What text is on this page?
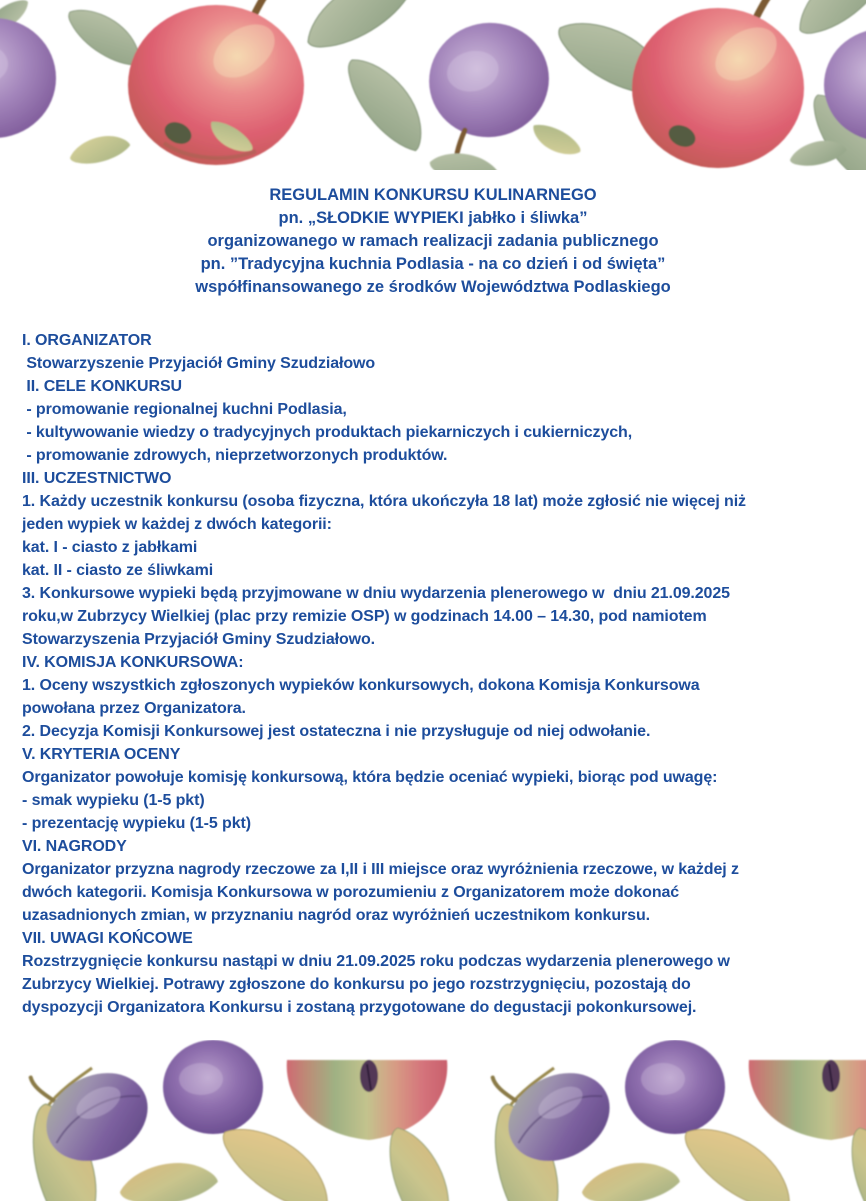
REGULAMIN KONKURSU KULINARNEGO
pn. „SŁODKIE WYPIEKI jabłko i śliwka”
organizowanego w ramach realizacji zadania publicznego
pn. ”Tradycyjna kuchnia Podlasia - na co dzień i od święta”
współfinansowanego ze środków Województwa Podlaskiego
I. ORGANIZATOR
Stowarzyszenie Przyjaciół Gminy Szudziałowo
II. CELE KONKURSU
- promowanie regionalnej kuchni Podlasia,
- kultywowanie wiedzy o tradycyjnych produktach piekarniczych i cukierniczych,
- promowanie zdrowych, nieprzetworzonych produktów.
III. UCZESTNICTWO
1. Każdy uczestnik konkursu (osoba fizyczna, która ukończyła 18 lat) może zgłosić nie więcej niż
jeden wypiek w każdej z dwóch kategorii:
kat. I - ciasto z jabłkami
kat. II - ciasto ze śliwkami
3. Konkursowe wypieki będą przyjmowane w dniu wydarzenia plenerowego w  dniu 21.09.2025
roku,w Zubrzycy Wielkiej (plac przy remizie OSP) w godzinach 14.00 – 14.30, pod namiotem
Stowarzyszenia Przyjaciół Gminy Szudziałowo.
IV. KOMISJA KONKURSOWA:
1. Oceny wszystkich zgłoszonych wypieków konkursowych, dokona Komisja Konkursowa
powołana przez Organizatora.
2. Decyzja Komisji Konkursowej jest ostateczna i nie przysługuje od niej odwołanie.
V. KRYTERIA OCENY
Organizator powołuje komisję konkursową, która będzie oceniać wypieki, biorąc pod uwagę:
- smak wypieku (1-5 pkt)
- prezentację wypieku (1-5 pkt)
VI. NAGRODY
Organizator przyzna nagrody rzeczowe za I,II i III miejsce oraz wyróżnienia rzeczowe, w każdej z
dwóch kategorii. Komisja Konkursowa w porozumieniu z Organizatorem może dokonać
uzasadnionych zmian, w przyznaniu nagród oraz wyróżnień uczestnikom konkursu.
VII. UWAGI KOŃCOWE
Rozstrzygnięcie konkursu nastąpi w dniu 21.09.2025 roku podczas wydarzenia plenerowego w
Zubrzycy Wielkiej. Potrawy zgłoszone do konkursu po jego rozstrzygnięciu, pozostają do
dyspozycji Organizatora Konkursu i zostaną przygotowane do degustacji pokonkursowej.
